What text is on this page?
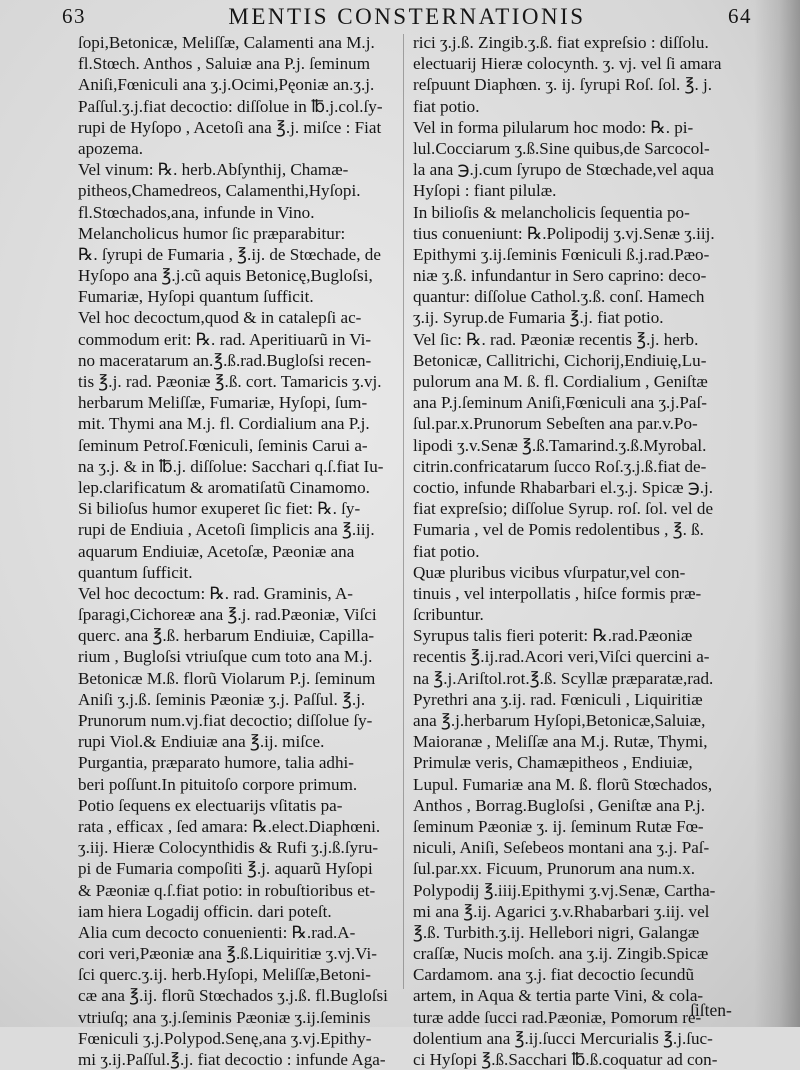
63	MENTIS CONSTERNATIONIS	64
ſopi,Betonicæ, Meliſſæ, Calamenti ana M.j.
fl.Stœch. Anthos , Saluiæ ana P.j. ſeminum
Aniſi,Fœniculi ana ʒ.j.Ocimi,Pęoniæ an.ʒ.j.
Paſſul.ʒ.j.fiat decoctio: diſſolue in ℔.j.col.ſy-
rupi de Hyſopo , Acetoſi ana ℥.j. miſce : Fiat
apozema.
Vel vinum: ℞. herb.Abſynthij, Chamæ-
pitheos,Chamedreos, Calamenthi,Hyſopi.
fl.Stœchados,ana, infunde in Vino.
Melancholicus humor ſic præparabitur:
℞. ſyrupi de Fumaria , ℥.ij. de Stœchade, de
Hyſopo ana ℥.j.cũ aquis Betonicę,Bugloſsi,
Fumariæ, Hyſopi quantum ſufficit.
Vel hoc decoctum,quod & in catalepſi ac-
commodum erit: ℞. rad. Aperitiuarũ in Vi-
no maceratarum an.℥.ß.rad.Bugloſsi recen-
tis ℥.j. rad. Pæoniæ ℥.ß. cort. Tamaricis ʒ.vj.
herbarum Meliſſæ, Fumariæ, Hyſopi, ſum-
mit. Thymi ana M.j. fl. Cordialium ana P.j.
ſeminum Petroſ.Fœniculi, ſeminis Carui a-
na ʒ.j. & in ℔.j. diſſolue: Sacchari q.ſ.fiat Iu-
lep.clarificatum & aromatiſatũ Cinamomo.
Si bilioſus humor exuperet ſic fiet: ℞. ſy-
rupi de Endiuia , Acetoſi ſimplicis ana ℥.iij.
aquarum Endiuiæ, Acetoſæ, Pæoniæ ana
quantum ſufficit.
Vel hoc decoctum: ℞. rad. Graminis, A-
ſparagi,Cichoreæ ana ℥.j. rad.Pæoniæ, Viſci
querc. ana ℥.ß. herbarum Endiuiæ, Capilla-
rium , Bugloſsi vtriuſque cum toto ana M.j.
Betonicæ M.ß. florũ Violarum P.j. ſeminum
Aniſi ʒ.j.ß. ſeminis Pæoniæ ʒ.j. Paſſul. ℥.j.
Prunorum num.vj.fiat decoctio; diſſolue ſy-
rupi Viol.& Endiuiæ ana ℥.ij. miſce.
Purgantia, præparato humore, talia adhi-
beri poſſunt.In pituitoſo corpore primum.
Potio ſequens ex electuarijs vſitatis pa-
rata , efficax , ſed amara: ℞.elect.Diaphœni.
ʒ.iij. Hieræ Colocynthidis & Rufi ʒ.j.ß.ſyru-
pi de Fumaria compoſiti ℥.j. aquarũ Hyſopi
& Pæoniæ q.ſ.fiat potio: in robuſtioribus et-
iam hiera Logadij officin. dari poteſt.
Alia cum decocto conuenienti: ℞.rad.A-
cori veri,Pæoniæ ana ℥.ß.Liquiritiæ ʒ.vj.Vi-
ſci querc.ʒ.ij. herb.Hyſopi, Meliſſæ,Betoni-
cæ ana ℥.ij. florũ Stœchados ʒ.j.ß. fl.Bugloſsi
vtriuſq; ana ʒ.j.ſeminis Pæoniæ ʒ.ij.ſeminis
Fœniculi ʒ.j.Polypod.Senę,ana ʒ.vj.Epithy-
mi ʒ.ij.Paſſul.℥.j. fiat decoctio : infunde Aga-
rici ʒ.j.ß. Zingib.ʒ.ß. fiat expreſsio : diſſolu.
electuarij Hieræ colocynth. ʒ. vj. vel ſi amara
reſpuunt Diaphœn. ʒ. ij. ſyrupi Roſ. ſol. ℥. j.
fiat potio.
Vel in forma pilularum hoc modo: ℞. pi-
lul.Cocciarum ʒ.ß.Sine quibus,de Sarcocol-
la ana ℈.j.cum ſyrupo de Stœchade,vel aqua
Hyſopi : fiant pilulæ.
In bilioſis & melancholicis ſequentia po-
tius conueniunt: ℞.Polipodij ʒ.vj.Senæ ʒ.iij.
Epithymi ʒ.ij.ſeminis Fœniculi ß.j.rad.Pæo-
niæ ʒ.ß. infundantur in Sero caprino: deco-
quantur: diſſolue Cathol.ʒ.ß. conſ. Hamech
ʒ.ij. Syrup.de Fumaria ℥.j. fiat potio.
Vel ſic: ℞. rad. Pæoniæ recentis ℥.j. herb.
Betonicæ, Callitrichi, Cichorij,Endiuię,Lu-
pulorum ana M. ß. fl. Cordialium , Geniſtæ
ana P.j.ſeminum Aniſi,Fœniculi ana ʒ.j.Paſ-
ſul.par.x.Prunorum Sebeſten ana par.v.Po-
lipodi ʒ.v.Senæ ℥.ß.Tamarind.ʒ.ß.Myrobal.
citrin.confricatarum ſucco Roſ.ʒ.j.ß.fiat de-
coctio, infunde Rhabarbari el.ʒ.j. Spicæ ℈.j.
fiat expreſsio; diſſolue Syrup. roſ. ſol. vel de
Fumaria , vel de Pomis redolentibus , ℥. ß.
fiat potio.
Quæ pluribus vicibus vſurpatur,vel con-
tinuis , vel interpollatis , hiſce formis præ-
ſcribuntur.
Syrupus talis fieri poterit: ℞.rad.Pæoniæ
recentis ℥.ij.rad.Acori veri,Viſci quercini a-
na ℥.j.Ariſtol.rot.℥.ß. Scyllæ præparatæ,rad.
Pyrethri ana ʒ.ij. rad. Fœniculi , Liquiritiæ
ana ℥.j.herbarum Hyſopi,Betonicæ,Saluiæ,
Maioranæ , Meliſſæ ana M.j. Rutæ, Thymi,
Primulæ veris, Chamæpitheos , Endiuiæ,
Lupul. Fumariæ ana M. ß. florũ Stœchados,
Anthos , Borrag.Bugloſsi , Geniſtæ ana P.j.
ſeminum Pæoniæ ʒ. ij. ſeminum Rutæ Fœ-
niculi, Aniſi, Seſebeos montani ana ʒ.j. Paſ-
ſul.par.xx. Ficuum, Prunorum ana num.x.
Polypodij ℥.iiij.Epithymi ʒ.vj.Senæ, Cartha-
mi ana ℥.ij. Agarici ʒ.v.Rhabarbari ʒ.iij. vel
℥.ß. Turbith.ʒ.ij. Hellebori nigri, Galangæ
craſſæ, Nucis moſch. ana ʒ.ij. Zingib.Spicæ
Cardamom. ana ʒ.j. fiat decoctio ſecundũ
artem, in Aqua & tertia parte Vini, & cola-
turæ adde ſucci rad.Pæoniæ, Pomorum re-
dolentium ana ℥.ij.ſucci Mercurialis ℥.j.ſuc-
ci Hyſopi ℥.ß.Sacchari ℔.ß.coquatur ad con-
ſiſten-
